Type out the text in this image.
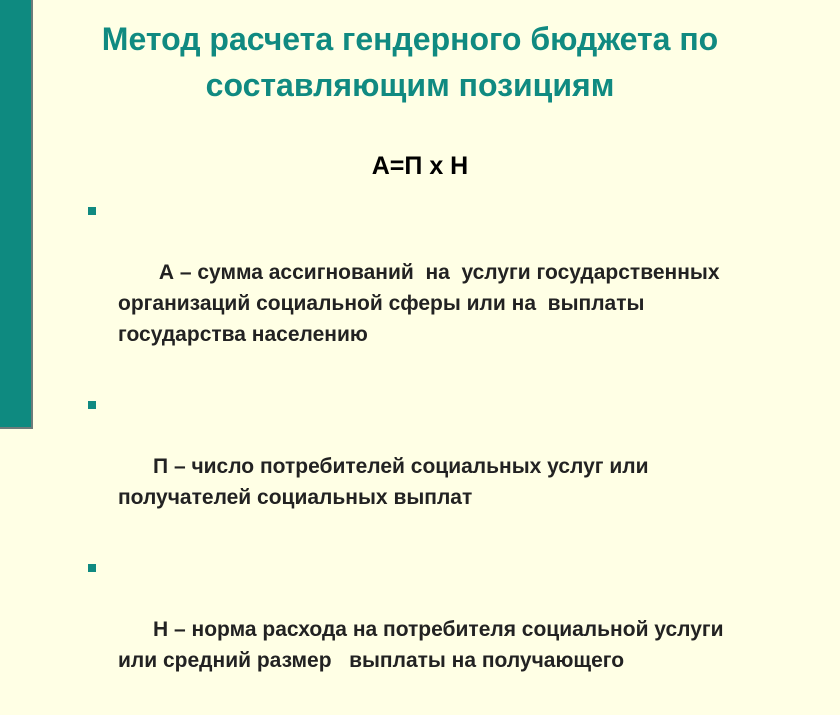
Метод расчета гендерного бюджета по составляющим позициям
А=П х Н

А – сумма ассигнований  на  услуги государственных организаций социальной сферы или на  выплаты  государства населению

П – число потребителей социальных услуг или получателей социальных выплат

Н – норма расхода на потребителя социальной услуги или средний размер   выплаты на получающего
